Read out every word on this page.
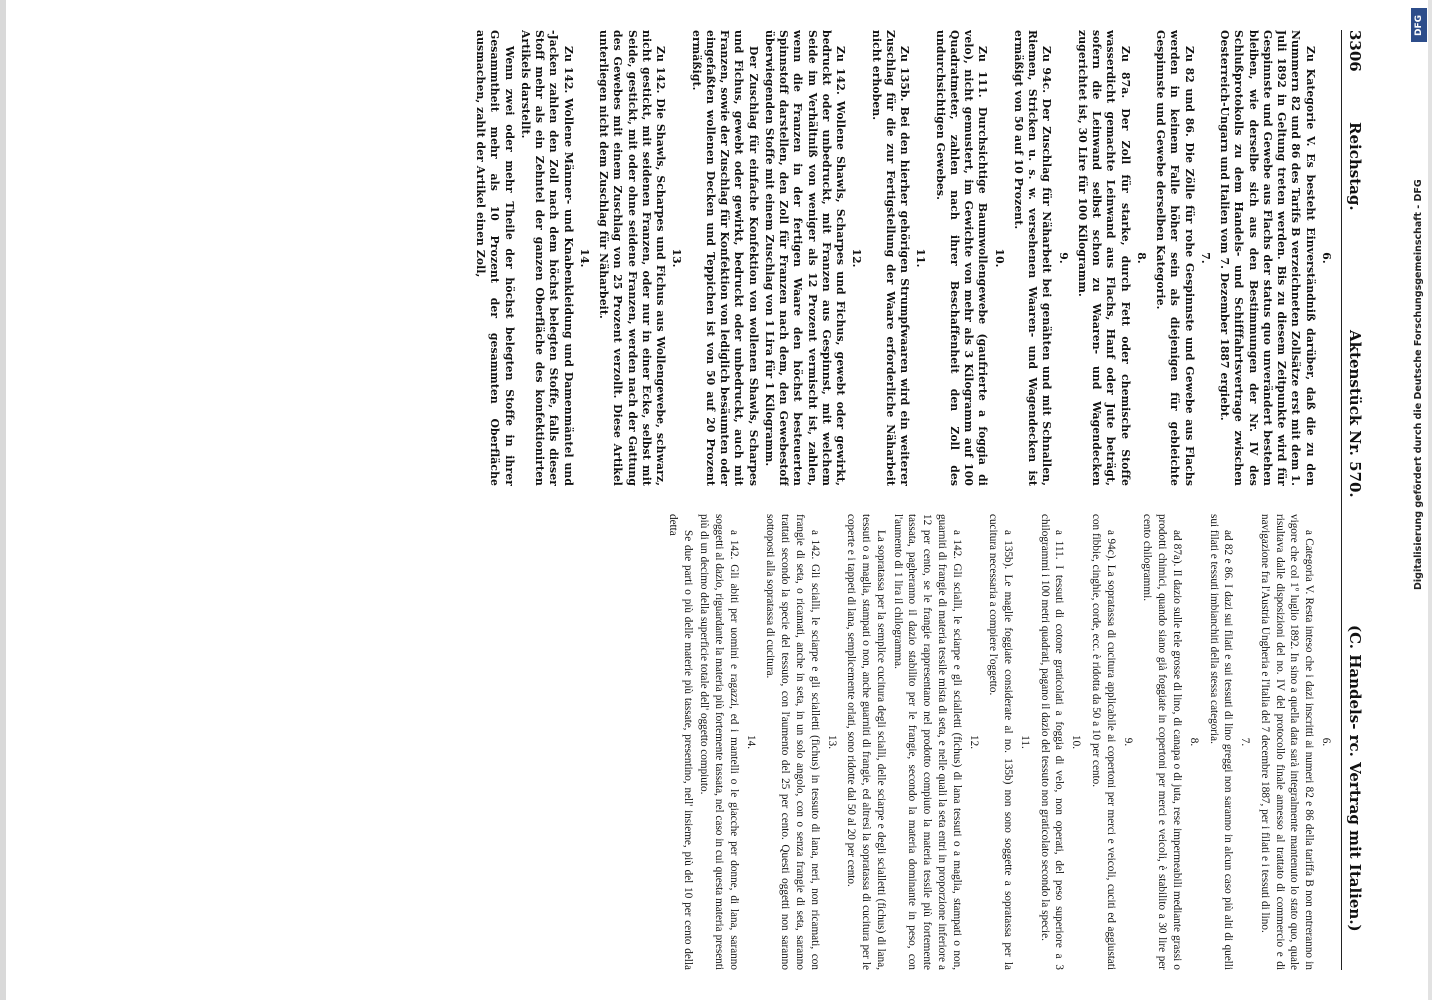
3306
Reichstag.
Aktenstück Nr. 570.
(C. Handels- rc. Vertrag mit Italien.)
6.

Zu Kategorie V. Es besteht Einverständniß darüber, daß die zu den Nummern 82 und 86 des Tarifs B verzeichneten Zollsätze erst mit dem 1. Juli 1892 in Geltung treten werden. Bis zu diesem Zeitpunkte wird für Gespinnste und Gewebe aus Flachs der status quo unverändert bestehen bleiben, wie derselbe sich aus den Bestimmungen der Nr. IV des Schlußprotokolls zu dem Handels- und Schifffahrtsvertrage zwischen Oesterreich-Ungarn und Italien vom 7. Dezember 1887 ergiebt.

7.

Zu 82 und 86. Die Zölle für rohe Gespinnste und Gewebe aus Flachs werden in keinem Falle höher sein als diejenigen für gebleichte Gespinnste und Gewebe derselben Kategorie.

8.

Zu 87a. Der Zoll für starke, durch Fett oder chemische Stoffe wasserdicht gemachte Leinwand aus Flachs, Hanf oder Jute beträgt, sofern die Leinwand selbst schon zu Waaren- und Wagendecken zugerichtet ist, 30 Lire für 100 Kilogramm.

9.

Zu 94c. Der Zuschlag für Näharbeit bei genähten und mit Schnallen, Riemen, Stricken u. s. w. versehenen Waaren- und Wagendecken ist ermäßigt von 50 auf 10 Prozent.

10.

Zu 111. Durchsichtige Baumwollengewebe (gaufrierte a foggia di velo), nicht gemustert, im Gewichte von mehr als 3 Kilogramm auf 100 Quadratmeter, zahlen nach ihrer Beschaffenheit den Zoll des undurchsichtigen Gewebes.

11.

Zu 135b. Bei den hierher gehörigen Strumpfwaaren wird ein weiterer Zuschlag für die zur Fertigstellung der Waare erforderliche Näharbeit nicht erhoben.

12.

Zu 142. Wollene Shawls, Scharpes und Fichus, gewebt oder gewirkt, bedruckt oder unbedruckt, mit Franzen aus Gespinnst, mit welchem Seide im Verhältniß von weniger als 12 Prozent vermischt ist, zahlen, wenn die Franzen in der fertigen Waare den höchst besteuerten Spinnstoff darstellen, den Zoll für Franzen nach dem, den Gewebestoff überwiegenden Stoffe mit einem Zuschlag von 1 Lira für 1 Kilogramm.

Der Zuschlag für einfache Konfektion von wollenen Shawls, Scharpes und Fichus, gewebt oder gewirkt, bedruckt oder unbedruckt, auch mit Franzen, sowie der Zuschlag für Konfektion von lediglich besäumten oder eingefaßten wollenen Decken und Teppichen ist von 50 auf 20 Prozent ermäßigt.

13.

Zu 142. Die Shawls, Scharpes und Fichus aus Wollengewebe, schwarz, nicht gestickt, mit seidenen Franzen, oder nur in einer Ecke, selbst mit Seide, gestickt, mit oder ohne seidene Franzen, werden nach der Gattung des Gewebes mit einem Zuschlag von 25 Prozent verzollt. Diese Artikel unterliegen nicht dem Zuschlag für Näharbeit.

14.

Zu 142. Wollene Männer- und Knabenkleidung und Damenmäntel und -Jacken zahlen den Zoll nach dem höchst belegten Stoffe, falls dieser Stoff mehr als ein Zehntel der ganzen Oberfläche des konfektionirten Artikels darstellt.

Wenn zwei oder mehr Theile der höchst belegten Stoffe in ihrer Gesammtheit mehr als 10 Prozent der gesammten Oberfläche ausmachen, zahlt der Artikel einen Zoll,

6.

a Categoria V. Resta inteso che i dazi inscritti ai numeri 82 e 86 della tariffa B non entreranno in vigore che col 1º luglio 1892. In sino a quella data sarà integralmente mantenuto lo stato quo, quale risultava dalle disposizioni del no. IV del protocollo finale annesso al trattato di commercio e di navigazione fra l'Austria Ungheria e l'Italia del 7 decembre 1887, per i filati e i tessuti di lino.

7.

ad 82 e 86. I dazi sui filati e sui tessuti di lino greggi non saranno in alcun caso più alti di quelli sui filati e tessuti imbianchiti della stessa categoria.

8.

ad 87a). Il dazio sulle tele grosse di lino, di canapa o di juta, rese impermeabili mediante grassi o prodotti chimici, quando siano già foggiate in copertoni per merci e veicoli, è stabilito a 30 lire per cento chilogrammi.

9.

a 94c). La sopratassa di cucitura applicabile ai copertoni per merci e veicoli, cuciti ed aggiustati con fibbie, cinghie, corde, ecc. è ridotta da 50 a 10 per cento.

10.

a 111. I tessuti di cotone graticolati a foggia di velo, non operati, del peso superiore a 3 chilogrammi i 100 metri quadrati, pagano il dazio del tessuto non graticolato secondo la specie.

11.

a 135b). Le maglie foggiate considerate al no. 135b) non sono soggette a sopratassa per la cucitura necessaria a compiere l'oggetto.

12.

a 142. Gli scialli, le sciarpe e gli scialletti (fichus) di lana tessuti o a maglia, stampati o non, guarniti di frangie di materia tessile mista di seta, e nelle quali la seta entri in proporzione inferiore a 12 per cento, se le frangie rappresentano nel prodotto compiuto la materia tessile più fortemente tassata, pagheranno il dazio stabilito per le frangie, secondo la materia dominante in peso, con l'aumento di 1 lira il chilogramma.

La sopratassa per la semplice cucitura degli scialli, delle sciarpe e degli scialletti (fichus) di lana, tessuti o a maglia, stampati o non, anche guarniti di frangie, ed altresì la sopratassa di cucitura per le coperte e i tappeti di lana, semplicemente orlati, sono ridotte dal 50 al 20 per cento.

13.

a 142. Gli scialli, le sciarpe e gli scialletti (fichus) in tessuto di lana, neri, non ricamati, con frangie di seta, o ricamati, anche in seta, in un solo angolo, con o senza frangie di seta, saranno trattati secondo la specie del tessuto, con l'aumento del 25 per cento. Questi oggetti non saranno sottoposti alla sopratassa di cucitura.

14.

a 142. Gli abiti per uomini e ragazzi, ed i mantelli o le giacche per donne, di lana, saranno soggetti al dazio, riguardante la materia più fortemente tassata, nel caso in cui questa materia presenti più di un decimo della superficie totale dell' oggetto compiuto.

Se due parti o più delle materie più tassate, presentino, nell' insieme, più del 10 per cento della detta

DFG
Digitalisierung gefördert durch die Deutsche Forschungsgemeinschaft - DFG
